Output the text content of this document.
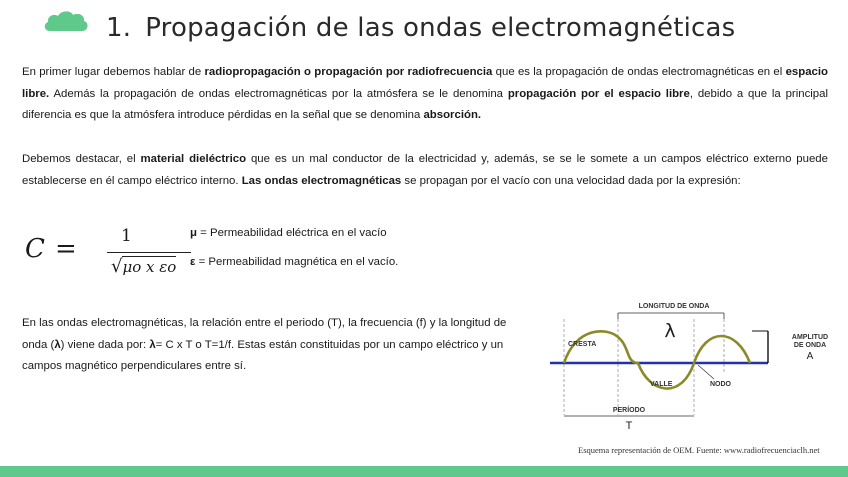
1. Propagación de las ondas electromagnéticas

En primer lugar debemos hablar de radiopropagación o propagación por radiofrecuencia que es la propagación de ondas electromagnéticas en el espacio libre. Además la propagación de ondas electromagnéticas por la atmósfera se le denomina propagación por el espacio libre, debido a que la principal diferencia es que la atmósfera introduce pérdidas en la señal que se denomina absorción.

Debemos destacar, el material dieléctrico que es un mal conductor de la electricidad y, además, se se le somete a un campos eléctrico externo puede establecerse en él campo eléctrico interno. Las ondas electromagnéticas se propagan por el vacío con una velocidad dada por la expresión:

C =	1
√μo x εo
μ = Permeabilidad eléctrica en el vacío
ε = Permeabilidad magnética en el vacío.

En las ondas electromagnéticas, la relación entre el periodo (T), la frecuencia (f) y la longitud de onda (λ) viene dada por: λ= C x T o T=1/f. Estas están constituidas por un campo eléctrico y un campos magnético perpendiculares entre sí.

LONGITUD DE ONDA
λ	AMPLITUD
DE ONDA
A
CRESTA
VALLE	NODO
PERÍODO
T
Esquema representación de OEM. Fuente: www.radiofrecuenciaclh.net
